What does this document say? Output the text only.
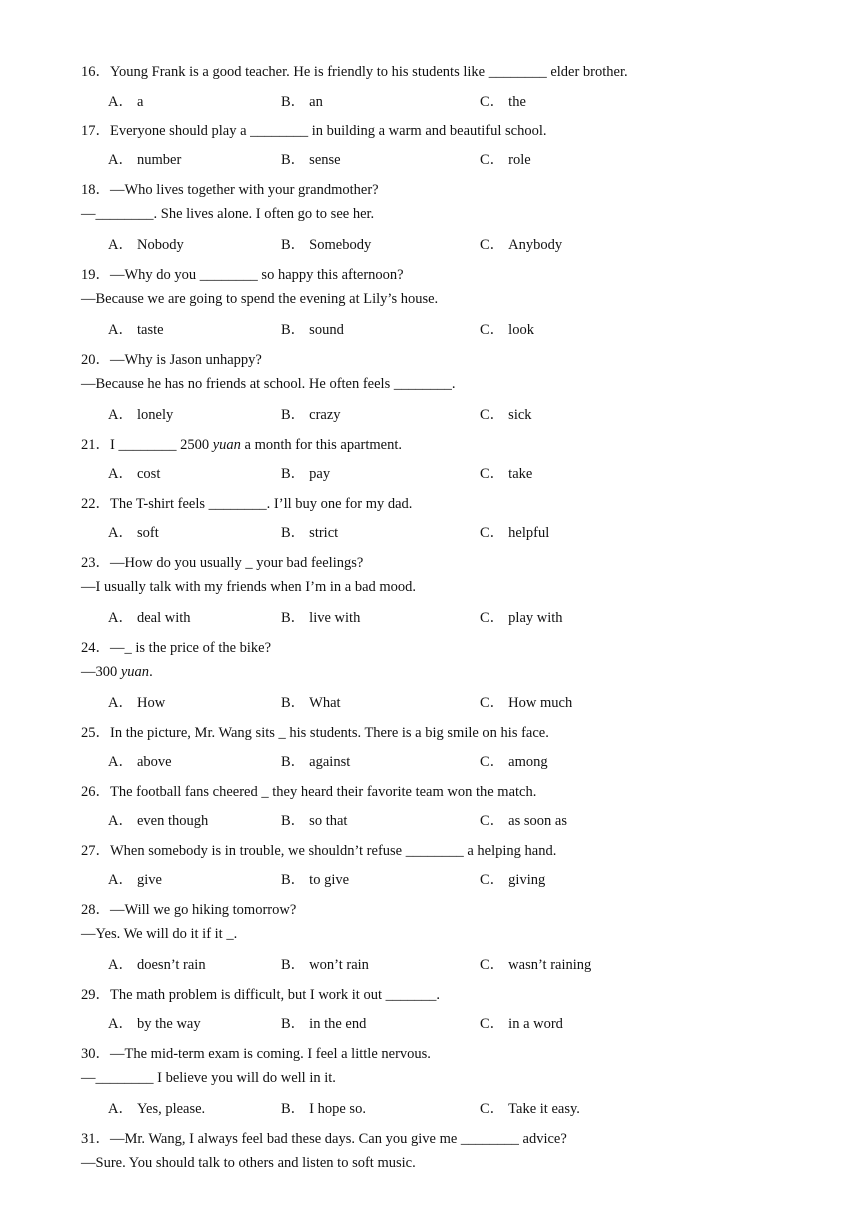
16．Young Frank is a good teacher. He is friendly to his students like ________ elder brother.
A． a	B． an	C． the
17．Everyone should play a ________ in building a warm and beautiful school.
A． number	B． sense	C． role
18．—Who lives together with your grandmother?
—________. She lives alone. I often go to see her.
A． Nobody	B． Somebody	C． Anybody
19．—Why do you ________ so happy this afternoon?
—Because we are going to spend the evening at Lily’s house.
A． taste	B． sound	C． look
20．—Why is Jason unhappy?
—Because he has no friends at school. He often feels ________.
A． lonely	B． crazy	C． sick
21．I ________ 2500 yuan a month for this apartment.
A． cost	B． pay	C． take
22．The T-shirt feels ________. I’ll buy one for my dad.
A． soft	B． strict	C． helpful
23．—How do you usually _ your bad feelings?
—I usually talk with my friends when I’m in a bad mood.
A． deal with	B． live with	C． play with
24．—_ is the price of the bike?
—300 yuan.
A． How	B． What	C． How much
25．In the picture, Mr. Wang sits _ his students. There is a big smile on his face.
A． above	B． against	C． among
26．The football fans cheered _ they heard their favorite team won the match.
A． even though	B． so that	C． as soon as
27．When somebody is in trouble, we shouldn’t refuse ________ a helping hand.
A． give	B． to give	C． giving
28．—Will we go hiking tomorrow?
—Yes. We will do it if it _.
A． doesn’t rain	B． won’t rain	C． wasn’t raining
29．The math problem is difficult, but I work it out _______.
A． by the way	B． in the end	C． in a word
30．—The mid-term exam is coming. I feel a little nervous.
—________ I believe you will do well in it.
A． Yes, please.	B． I hope so.	C． Take it easy.
31．—Mr. Wang, I always feel bad these days. Can you give me ________ advice?
—Sure. You should talk to others and listen to soft music.
